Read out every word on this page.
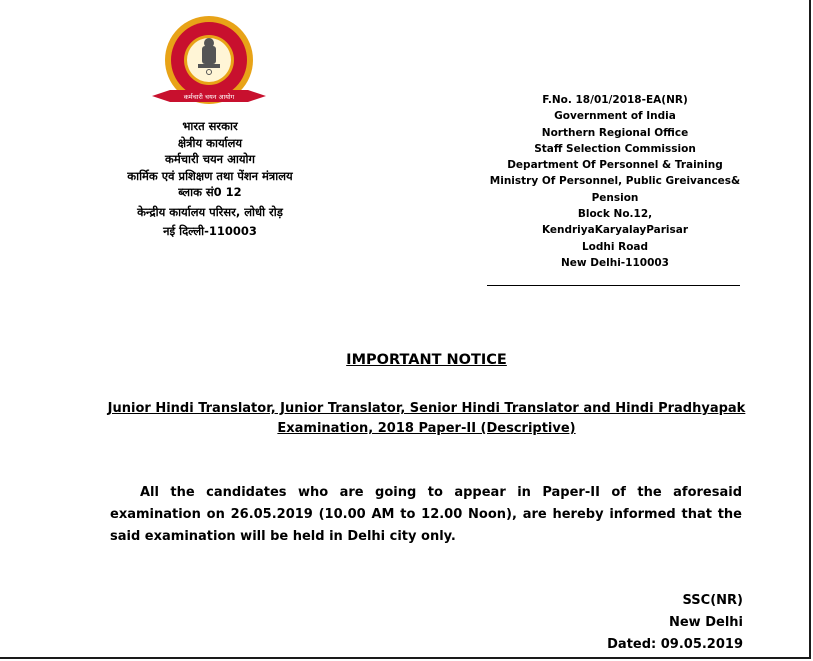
कर्मचारी चयन आयोग
भारत सरकार
क्षेत्रीय कार्यालय
कर्मचारी चयन आयोग
कार्मिक एवं प्रशिक्षण तथा पेंशन मंत्रालय
ब्लाक सं0 12
केन्द्रीय कार्यालय परिसर, लोधी रोड़
नई दिल्ली-110003
F.No. 18/01/2018-EA(NR)
Government of India
Northern Regional Office
Staff Selection Commission
Department Of Personnel & Training
Ministry Of Personnel, Public Greivances&
Pension
Block No.12,
KendriyaKaryalayParisar
Lodhi Road
New Delhi-110003
IMPORTANT NOTICE
Junior Hindi Translator, Junior Translator, Senior Hindi Translator and Hindi Pradhyapak Examination, 2018 Paper-II (Descriptive)
All the candidates who are going to appear in Paper-II of the aforesaid examination on 26.05.2019 (10.00 AM to 12.00 Noon), are hereby informed that the said examination will be held in Delhi city only.
SSC(NR)
New Delhi
Dated: 09.05.2019
